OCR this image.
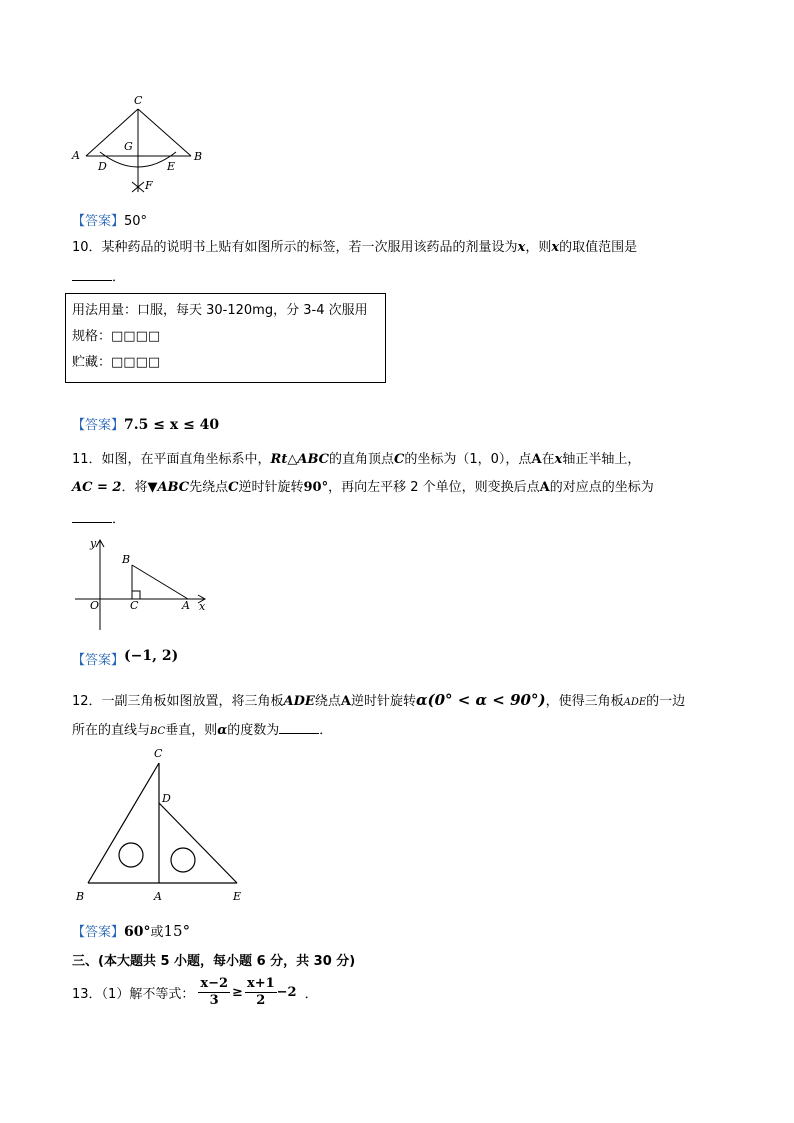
C
A	B
G
D	E
F
【答案】50°
10．某种药品的说明书上贴有如图所示的标签，若一次服用该药品的剂量设为x，则x的取值范围是
．
用法用量：口服，每天 30-120mg，分 3-4 次服用
规格：□□□□
贮藏：□□□□
【答案】7.5 ≤ x ≤ 40
11．如图，在平面直角坐标系中，Rt△ABC的直角顶点C的坐标为（1，0），点A在x轴正半轴上，
AC = 2．将▼ABC先绕点C逆时针旋转90°，再向左平移 2 个单位，则变换后点A的对应点的坐标为
．
y
B
O	C	A x
【答案】(−1, 2)
12．一副三角板如图放置，将三角板ADE绕点A逆时针旋转α(0° < α < 90°)，使得三角板ADE的一边
所在的直线与BC垂直，则α的度数为	．
C
D
B	A	E
【答案】60°或15°
三、(本大题共 5 小题，每小题 6 分，共 30 分)
13．（1）解不等式： $\frac{x-2}{3} \ge \frac{x+1}{2} -2$ ．
